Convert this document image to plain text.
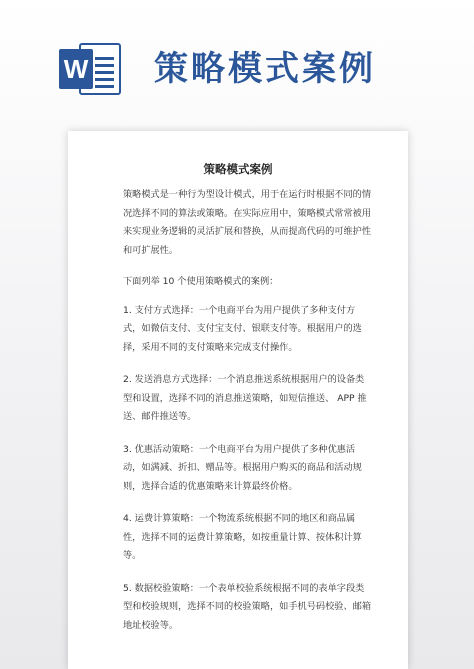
W 策略模式案例
策略模式案例

策略模式是一种行为型设计模式，用于在运行时根据不同的情况选择不同的算法或策略。在实际应用中，策略模式常常被用来实现业务逻辑的灵活扩展和替换，从而提高代码的可维护性和可扩展性。

下面列举 10 个使用策略模式的案例：

1. 支付方式选择：一个电商平台为用户提供了多种支付方式，如微信支付、支付宝支付、银联支付等。根据用户的选择，采用不同的支付策略来完成支付操作。

2. 发送消息方式选择：一个消息推送系统根据用户的设备类型和设置，选择不同的消息推送策略，如短信推送、 APP 推送、邮件推送等。

3. 优惠活动策略：一个电商平台为用户提供了多种优惠活动，如满减、折扣、赠品等。根据用户购买的商品和活动规则，选择合适的优惠策略来计算最终价格。

4. 运费计算策略：一个物流系统根据不同的地区和商品属性，选择不同的运费计算策略，如按重量计算、按体积计算等。

5. 数据校验策略：一个表单校验系统根据不同的表单字段类型和校验规则，选择不同的校验策略，如手机号码校验、邮箱地址校验等。
